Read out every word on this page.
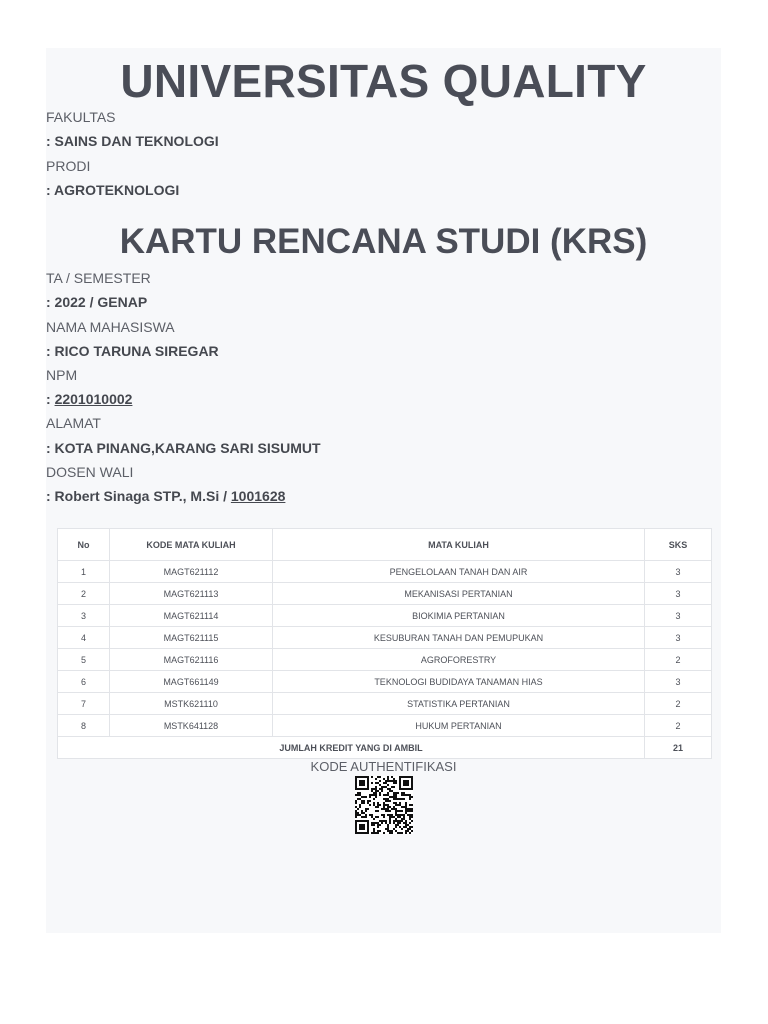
UNIVERSITAS QUALITY
FAKULTAS
: SAINS DAN TEKNOLOGI
PRODI
: AGROTEKNOLOGI
KARTU RENCANA STUDI (KRS)
TA / SEMESTER
: 2022 / GENAP
NAMA MAHASISWA
: RICO TARUNA SIREGAR
NPM
: 2201010002
ALAMAT
: KOTA PINANG,KARANG SARI SISUMUT
DOSEN WALI
: Robert Sinaga STP., M.Si / 1001628
No	KODE MATA KULIAH	MATA KULIAH	SKS
1	MAGT621112	PENGELOLAAN TANAH DAN AIR	3
2	MAGT621113	MEKANISASI PERTANIAN	3
3	MAGT621114	BIOKIMIA PERTANIAN	3
4	MAGT621115	KESUBURAN TANAH DAN PEMUPUKAN	3
5	MAGT621116	AGROFORESTRY	2
6	MAGT661149	TEKNOLOGI BUDIDAYA TANAMAN HIAS	3
7	MSTK621110	STATISTIKA PERTANIAN	2
8	MSTK641128	HUKUM PERTANIAN	2
JUMLAH KREDIT YANG DI AMBIL			21
KODE AUTHENTIFIKASI
